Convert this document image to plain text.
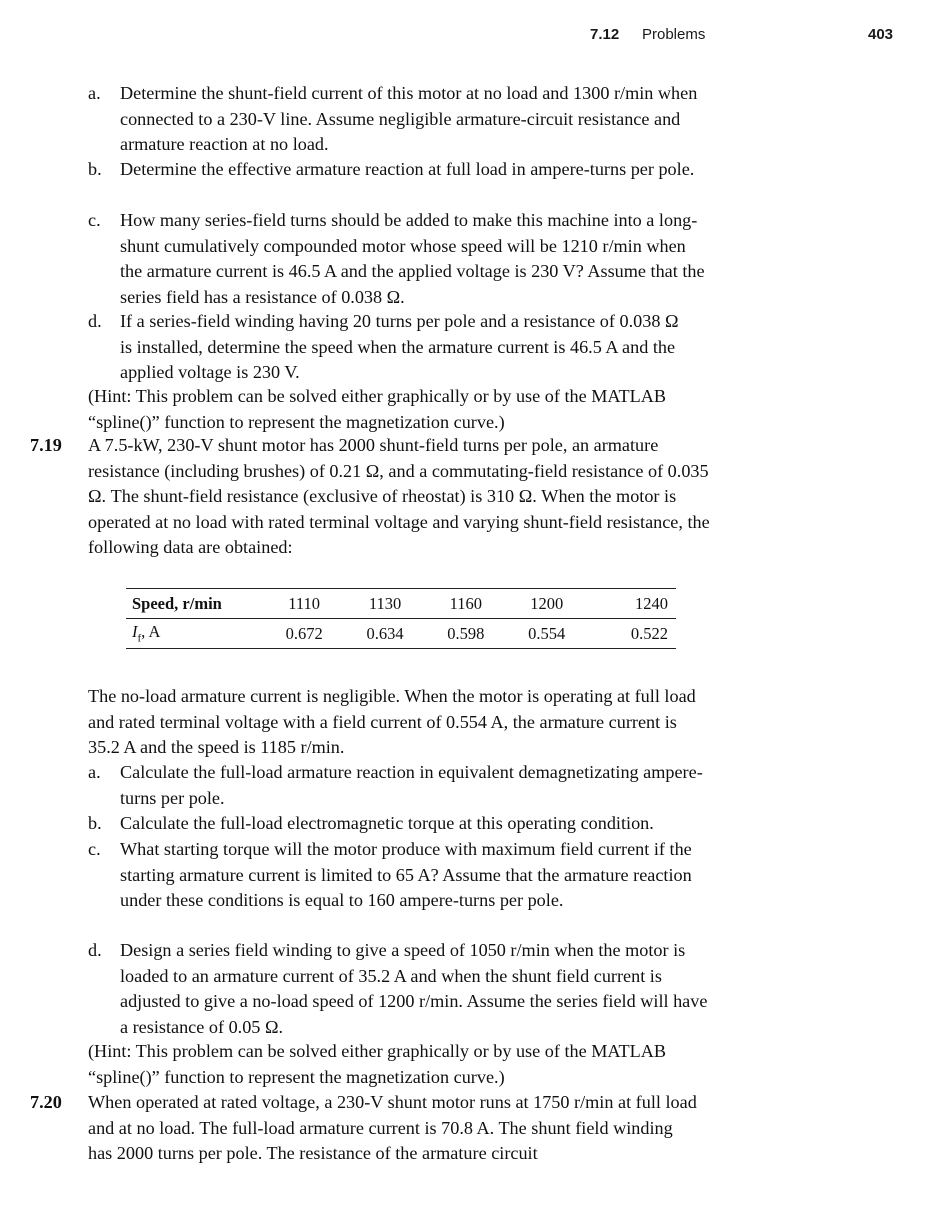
7.12 Problems	403
a.	Determine the shunt-field current of this motor at no load and 1300 r/min when connected to a 230-V line. Assume negligible armature-circuit resistance and armature reaction at no load.
b.	Determine the effective armature reaction at full load in ampere-turns per pole.
c.	How many series-field turns should be added to make this machine into a long-shunt cumulatively compounded motor whose speed will be 1210 r/min when the armature current is 46.5 A and the applied voltage is 230 V? Assume that the series field has a resistance of 0.038 Ω.
d.	If a series-field winding having 20 turns per pole and a resistance of 0.038 Ω is installed, determine the speed when the armature current is 46.5 A and the applied voltage is 230 V.
(Hint: This problem can be solved either graphically or by use of the MATLAB “spline()” function to represent the magnetization curve.)
7.19	A 7.5-kW, 230-V shunt motor has 2000 shunt-field turns per pole, an armature resistance (including brushes) of 0.21 Ω, and a commutating-field resistance of 0.035 Ω. The shunt-field resistance (exclusive of rheostat) is 310 Ω. When the motor is operated at no load with rated terminal voltage and varying shunt-field resistance, the following data are obtained:
Speed, r/min	1110	1130	1160	1200	1240
$I_f$, A	0.672	0.634	0.598	0.554	0.522
The no-load armature current is negligible. When the motor is operating at full load and rated terminal voltage with a field current of 0.554 A, the armature current is 35.2 A and the speed is 1185 r/min.
a.	Calculate the full-load armature reaction in equivalent demagnetizating ampere-turns per pole.
b.	Calculate the full-load electromagnetic torque at this operating condition.
c.	What starting torque will the motor produce with maximum field current if the starting armature current is limited to 65 A? Assume that the armature reaction under these conditions is equal to 160 ampere-turns per pole.
d.	Design a series field winding to give a speed of 1050 r/min when the motor is loaded to an armature current of 35.2 A and when the shunt field current is adjusted to give a no-load speed of 1200 r/min. Assume the series field will have a resistance of 0.05 Ω.
(Hint: This problem can be solved either graphically or by use of the MATLAB “spline()” function to represent the magnetization curve.)
7.20	When operated at rated voltage, a 230-V shunt motor runs at 1750 r/min at full load and at no load. The full-load armature current is 70.8 A. The shunt field winding has 2000 turns per pole. The resistance of the armature circuit
